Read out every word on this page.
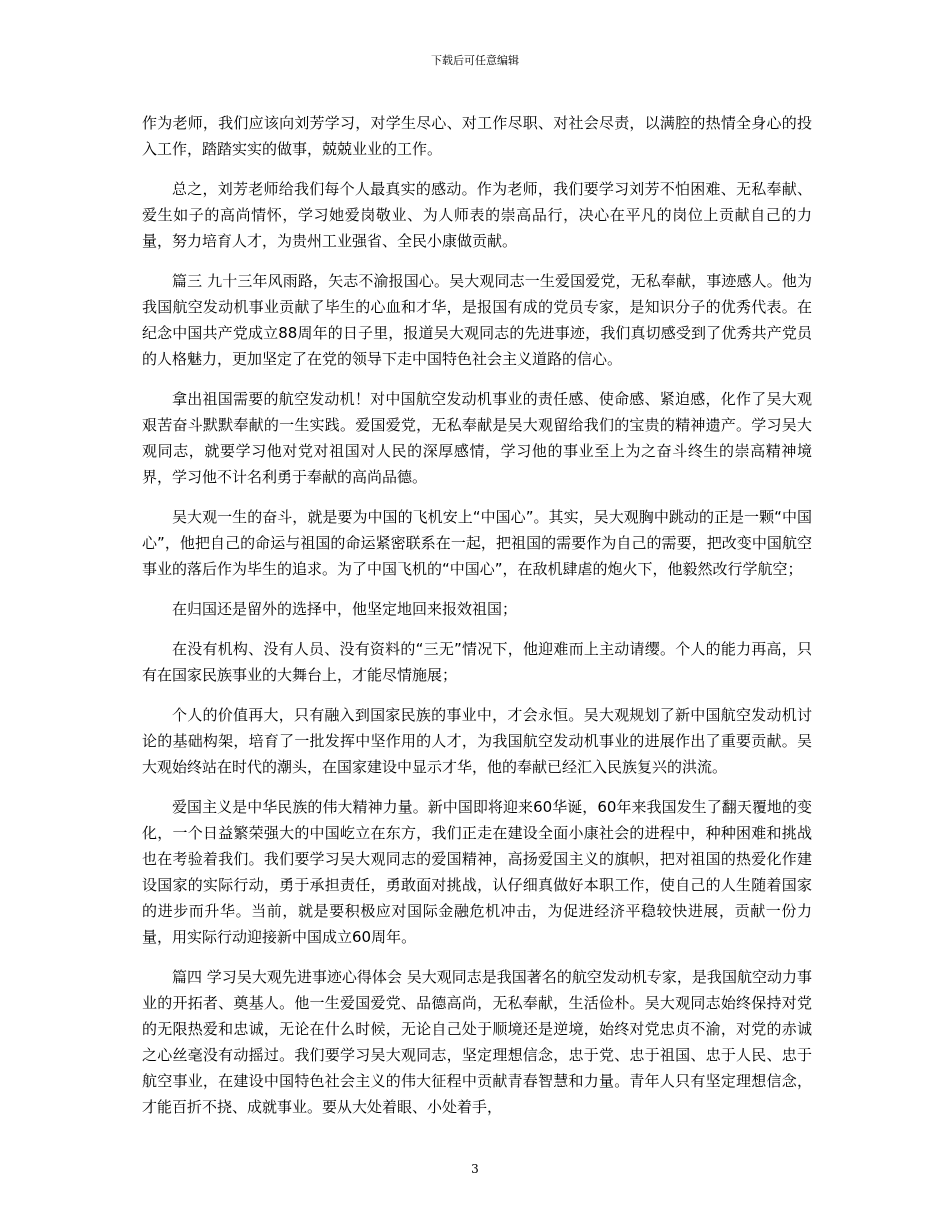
下载后可任意编辑

作为老师，我们应该向刘芳学习，对学生尽心、对工作尽职、对社会尽责，以满腔的热情全身心的投入工作，踏踏实实的做事，兢兢业业的工作。

总之，刘芳老师给我们每个人最真实的感动。作为老师，我们要学习刘芳不怕困难、无私奉献、爱生如子的高尚情怀，学习她爱岗敬业、为人师表的崇高品行，决心在平凡的岗位上贡献自己的力量，努力培育人才，为贵州工业强省、全民小康做贡献。

篇三 九十三年风雨路，矢志不渝报国心。吴大观同志一生爱国爱党，无私奉献，事迹感人。他为我国航空发动机事业贡献了毕生的心血和才华，是报国有成的党员专家，是知识分子的优秀代表。在纪念中国共产党成立88周年的日子里，报道吴大观同志的先进事迹，我们真切感受到了优秀共产党员的人格魅力，更加坚定了在党的领导下走中国特色社会主义道路的信心。

拿出祖国需要的航空发动机！对中国航空发动机事业的责任感、使命感、紧迫感，化作了吴大观艰苦奋斗默默奉献的一生实践。爱国爱党，无私奉献是吴大观留给我们的宝贵的精神遗产。学习吴大观同志，就要学习他对党对祖国对人民的深厚感情，学习他的事业至上为之奋斗终生的崇高精神境界，学习他不计名利勇于奉献的高尚品德。

吴大观一生的奋斗，就是要为中国的飞机安上“中国心”。其实，吴大观胸中跳动的正是一颗“中国心”，他把自己的命运与祖国的命运紧密联系在一起，把祖国的需要作为自己的需要，把改变中国航空事业的落后作为毕生的追求。为了中国飞机的“中国心”，在敌机肆虐的炮火下，他毅然改行学航空；

在归国还是留外的选择中，他坚定地回来报效祖国；

在没有机构、没有人员、没有资料的“三无”情况下，他迎难而上主动请缨。个人的能力再高，只有在国家民族事业的大舞台上，才能尽情施展；

个人的价值再大，只有融入到国家民族的事业中，才会永恒。吴大观规划了新中国航空发动机讨论的基础构架，培育了一批发挥中坚作用的人才，为我国航空发动机事业的进展作出了重要贡献。吴大观始终站在时代的潮头，在国家建设中显示才华，他的奉献已经汇入民族复兴的洪流。

爱国主义是中华民族的伟大精神力量。新中国即将迎来60华诞，60年来我国发生了翻天覆地的变化，一个日益繁荣强大的中国屹立在东方，我们正走在建设全面小康社会的进程中，种种困难和挑战也在考验着我们。我们要学习吴大观同志的爱国精神，高扬爱国主义的旗帜，把对祖国的热爱化作建设国家的实际行动，勇于承担责任，勇敢面对挑战，认仔细真做好本职工作，使自己的人生随着国家的进步而升华。当前，就是要积极应对国际金融危机冲击，为促进经济平稳较快进展，贡献一份力量，用实际行动迎接新中国成立60周年。

篇四 学习吴大观先进事迹心得体会 吴大观同志是我国著名的航空发动机专家，是我国航空动力事业的开拓者、奠基人。他一生爱国爱党、品德高尚，无私奉献，生活俭朴。吴大观同志始终保持对党的无限热爱和忠诚，无论在什么时候，无论自己处于顺境还是逆境，始终对党忠贞不渝，对党的赤诚之心丝毫没有动摇过。我们要学习吴大观同志，坚定理想信念，忠于党、忠于祖国、忠于人民、忠于航空事业，在建设中国特色社会主义的伟大征程中贡献青春智慧和力量。青年人只有坚定理想信念，才能百折不挠、成就事业。要从大处着眼、小处着手，

3
